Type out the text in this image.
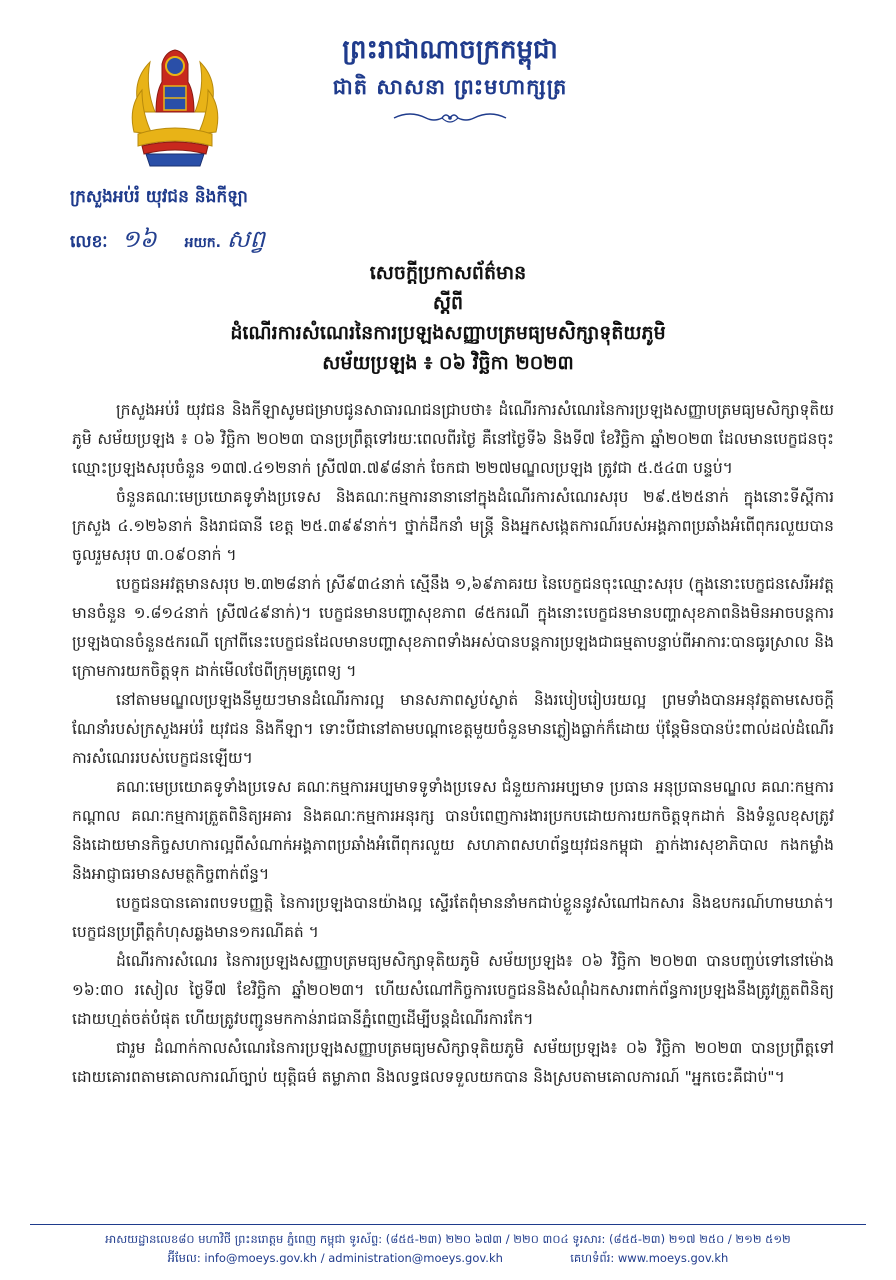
ព្រះរាជាណាចក្រកម្ពុជា
ជាតិ សាសនា ព្រះមហាក្សត្រ
ក្រសួងអប់រំ យុវជន និងកីឡា
លេខៈ ១៦ អយក. សព្វ
សេចក្តីប្រកាសព័ត៌មាន
ស្តីពី
ដំណើរការសំណេរនៃការប្រឡងសញ្ញាបត្រមធ្យមសិក្សាទុតិយភូមិ
សម័យប្រឡង ៖ ០៦ វិច្ឆិកា ២០២៣

ក្រសួងអប់រំ យុវជន និងកីឡាសូមជម្រាបជូនសាធារណជនជ្រាបថា៖ ដំណើរការសំណេរនៃការប្រឡងសញ្ញាបត្រមធ្យមសិក្សាទុតិយភូមិ សម័យប្រឡង ៖ ០៦ វិច្ឆិកា ២០២៣ បានប្រព្រឹត្តទៅរយៈពេលពីរថ្ងៃ គឺនៅថ្ងៃទី៦ និងទី៧ ខែវិច្ឆិកា ឆ្នាំ២០២៣ ដែលមានបេក្ខជនចុះឈ្មោះប្រឡងសរុបចំនួន ១៣៧.៤១២នាក់ ស្រី៧៣.៧៩៨នាក់ ចែកជា ២២៧មណ្ឌលប្រឡង ត្រូវជា ៥.៥៤៣ បន្ទប់។

ចំនួនគណៈមេប្រយោគទូទាំងប្រទេស និងគណៈកម្មការនានានៅក្នុងដំណើរការសំណេរសរុប ២៩.៥២៥នាក់ ក្នុងនោះទីស្តីការក្រសួង ៤.១២៦នាក់ និងរាជធានី ខេត្ត ២៥.៣៩៩នាក់។ ថ្នាក់ដឹកនាំ មន្ត្រី និងអ្នកសង្កេតការណ៍របស់អង្គភាពប្រឆាំងអំពើពុករលួយបានចូលរួមសរុប ៣.០៩០នាក់ ។

បេក្ខជនអវត្តមានសរុប ២.៣២៨នាក់ ស្រី៩៣៤នាក់ ស្មើនឹង ១,៦៩ភាគរយ នៃបេក្ខជនចុះឈ្មោះសរុប (ក្នុងនោះបេក្ខជនសេរីអវត្តមានចំនួន ១.៨១៤នាក់ ស្រី៧៤៩នាក់)។ បេក្ខជនមានបញ្ហាសុខភាព ៨៥ករណី ក្នុងនោះបេក្ខជនមានបញ្ហាសុខភាពនិងមិនអាចបន្តការប្រឡងបានចំនួន៥ករណី ក្រៅពីនេះបេក្ខជនដែលមានបញ្ហាសុខភាពទាំងអស់បានបន្តការប្រឡងជាធម្មតាបន្ទាប់ពីអាការៈបានធូរស្រាល និងក្រោមការយកចិត្តទុក ដាក់មើលថែពីក្រុមគ្រូពេទ្យ ។

នៅតាមមណ្ឌលប្រឡងនីមួយៗមានដំណើរការល្អ មានសភាពស្ងប់ស្ងាត់ និងរបៀបរៀបរយល្អ ព្រមទាំងបានអនុវត្តតាមសេចក្តីណែនាំរបស់ក្រសួងអប់រំ យុវជន និងកីឡា។ ទោះបីជានៅតាមបណ្តាខេត្តមួយចំនួនមានភ្លៀងធ្លាក់ក៏ដោយ ប៉ុន្តែមិនបានប៉ះពាល់ដល់ដំណើរការសំណេររបស់បេក្ខជនឡើយ។

គណៈមេប្រយោគទូទាំងប្រទេស គណៈកម្មការអប្បមាទទូទាំងប្រទេស ជំនួយការអប្បមាទ ប្រធាន អនុប្រធានមណ្ឌល គណៈកម្មការកណ្តាល គណៈកម្មការត្រួតពិនិត្យអគារ និងគណៈកម្មការអនុរក្ស បានបំពេញការងារប្រកបដោយការយកចិត្តទុកដាក់ និងទំនួលខុសត្រូវ និងដោយមានកិច្ចសហការល្អពីសំណាក់អង្គភាពប្រឆាំងអំពើពុករលួយ សហភាពសហព័ន្ធយុវជនកម្ពុជា ភ្នាក់ងារសុខាភិបាល កងកម្លាំង និងអាជ្ញាធរមានសមត្ថកិច្ចពាក់ព័ន្ធ។

បេក្ខជនបានគោរពបទបញ្ញត្តិ នៃការប្រឡងបានយ៉ាងល្អ ស្ទើរតែពុំមាននាំមកជាប់ខ្លួននូវសំណៅឯកសារ និងឧបករណ៍ហាមឃាត់។ បេក្ខជនប្រព្រឹត្តកំហុសឆ្លងមាន១ករណីគត់ ។

ដំណើរការសំណេរ នៃការប្រឡងសញ្ញាបត្រមធ្យមសិក្សាទុតិយភូមិ សម័យប្រឡង៖ ០៦ វិច្ឆិកា ២០២៣ បានបញ្ចប់ទៅនៅម៉ោង ១៦:៣០ រសៀល ថ្ងៃទី៧ ខែវិច្ឆិកា ឆ្នាំ២០២៣។ ហើយសំណៅកិច្ចការបេក្ខជននិងសំណុំឯកសារពាក់ព័ន្ធការប្រឡងនឹងត្រូវត្រួតពិនិត្យដោយហ្មត់ចត់បំផុត ហើយត្រូវបញ្ជូនមកកាន់រាជធានីភ្នំពេញដើម្បីបន្តដំណើរការកែ។

ជារួម ដំណាក់កាលសំណេរនៃការប្រឡងសញ្ញាបត្រមធ្យមសិក្សាទុតិយភូមិ សម័យប្រឡង៖ ០៦ វិច្ឆិកា ២០២៣ បានប្រព្រឹត្តទៅដោយគោរពតាមគោលការណ៍ច្បាប់ យុត្តិធម៌ តម្លាភាព និងលទ្ធផលទទួលយកបាន និងស្របតាមគោលការណ៍ "អ្នកចេះគឺជាប់"។

អាសយដ្ឋានលេខ៨០ មហាវិថី ព្រះនរោត្តម ភ្នំពេញ កម្ពុជា ទូរស័ព្ទ: (៨៥៥-២៣) ២២០ ៦៧៣ / ២២០ ៣០៤ ទូរសារ: (៨៥៥-២៣) ២១៧ ២៥០ / ២១២ ៥១២
អ៊ីមែល: info@moeys.gov.kh / administration@moeys.gov.kh	គេហទំព័រ: www.moeys.gov.kh
